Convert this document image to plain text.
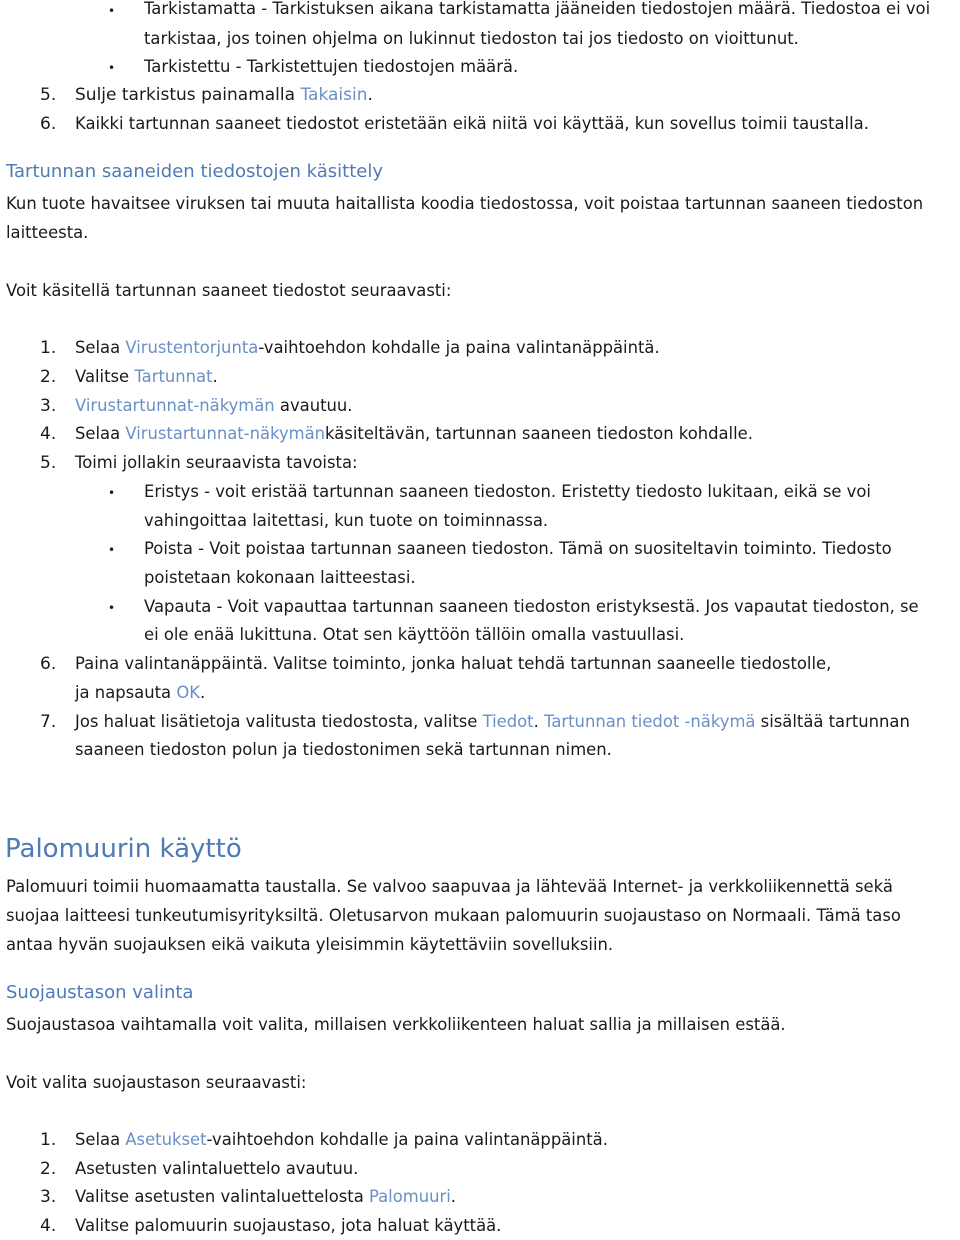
• Tarkistamatta - Tarkistuksen aikana tarkistamatta jääneiden tiedostojen määrä. Tiedostoa ei voi
tarkistaa, jos toinen ohjelma on lukinnut tiedoston tai jos tiedosto on vioittunut.
• Tarkistettu - Tarkistettujen tiedostojen määrä.
5. Sulje tarkistus painamalla Takaisin.
6. Kaikki tartunnan saaneet tiedostot eristetään eikä niitä voi käyttää, kun sovellus toimii taustalla.
Tartunnan saaneiden tiedostojen käsittely
Kun tuote havaitsee viruksen tai muuta haitallista koodia tiedostossa, voit poistaa tartunnan saaneen tiedoston
laitteesta.
Voit käsitellä tartunnan saaneet tiedostot seuraavasti:
1. Selaa Virustentorjunta-vaihtoehdon kohdalle ja paina valintanäppäintä.
2. Valitse Tartunnat.
3. Virustartunnat-näkymän avautuu.
4. Selaa Virustartunnat-näkymänkäsiteltävän, tartunnan saaneen tiedoston kohdalle.
5. Toimi jollakin seuraavista tavoista:
• Eristys - voit eristää tartunnan saaneen tiedoston. Eristetty tiedosto lukitaan, eikä se voi
vahingoittaa laitettasi, kun tuote on toiminnassa.
• Poista - Voit poistaa tartunnan saaneen tiedoston. Tämä on suositeltavin toiminto. Tiedosto
poistetaan kokonaan laitteestasi.
• Vapauta - Voit vapauttaa tartunnan saaneen tiedoston eristyksestä. Jos vapautat tiedoston, se
ei ole enää lukittuna. Otat sen käyttöön tällöin omalla vastuullasi.
6. Paina valintanäppäintä. Valitse toiminto, jonka haluat tehdä tartunnan saaneelle tiedostolle,
ja napsauta OK.
7. Jos haluat lisätietoja valitusta tiedostosta, valitse Tiedot. Tartunnan tiedot -näkymä sisältää tartunnan
saaneen tiedoston polun ja tiedostonimen sekä tartunnan nimen.
Palomuurin käyttö
Palomuuri toimii huomaamatta taustalla. Se valvoo saapuvaa ja lähtevää Internet- ja verkkoliikennettä sekä
suojaa laitteesi tunkeutumisyrityksiltä. Oletusarvon mukaan palomuurin suojaustaso on Normaali. Tämä taso
antaa hyvän suojauksen eikä vaikuta yleisimmin käytettäviin sovelluksiin.
Suojaustason valinta
Suojaustasoa vaihtamalla voit valita, millaisen verkkoliikenteen haluat sallia ja millaisen estää.
Voit valita suojaustason seuraavasti:
1. Selaa Asetukset-vaihtoehdon kohdalle ja paina valintanäppäintä.
2. Asetusten valintaluettelo avautuu.
3. Valitse asetusten valintaluettelosta Palomuuri.
4. Valitse palomuurin suojaustaso, jota haluat käyttää.
